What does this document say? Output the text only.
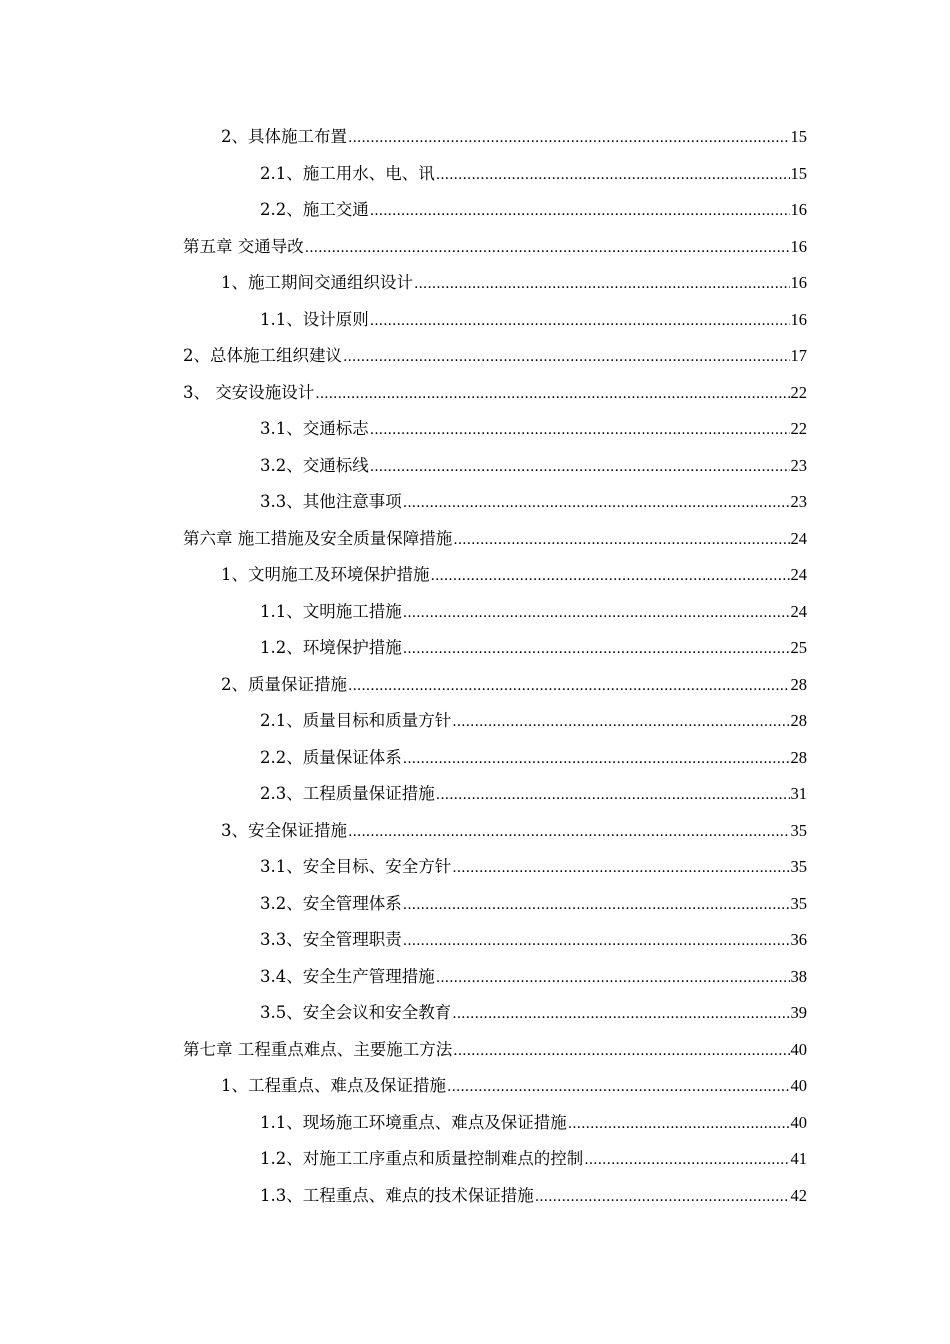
2、具体施工布置 .....	15
2.1、施工用水、电、讯 .....	15
2.2、施工交通 .....	16
第五章 交通导改 .....	16
1、施工期间交通组织设计 .....	16
1.1、设计原则 .....	16
2、总体施工组织建议 .....	17
3、 交安设施设计 .....	22
3.1、交通标志 .....	22
3.2、交通标线 .....	23
3.3、其他注意事项 .....	23
第六章 施工措施及安全质量保障措施 .....	24
1、文明施工及环境保护措施 .....	24
1.1、文明施工措施 .....	24
1.2、环境保护措施 .....	25
2、质量保证措施 .....	28
2.1、质量目标和质量方针 .....	28
2.2、质量保证体系 .....	28
2.3、工程质量保证措施 .....	31
3、安全保证措施 .....	35
3.1、安全目标、安全方针 .....	35
3.2、安全管理体系 .....	35
3.3、安全管理职责 .....	36
3.4、安全生产管理措施 .....	38
3.5、安全会议和安全教育 .....	39
第七章 工程重点难点、主要施工方法 .....	40
1、工程重点、难点及保证措施 .....	40
1.1、现场施工环境重点、难点及保证措施 .....	40
1.2、对施工工序重点和质量控制难点的控制 .....	41
1.3、工程重点、难点的技术保证措施 .....	42
